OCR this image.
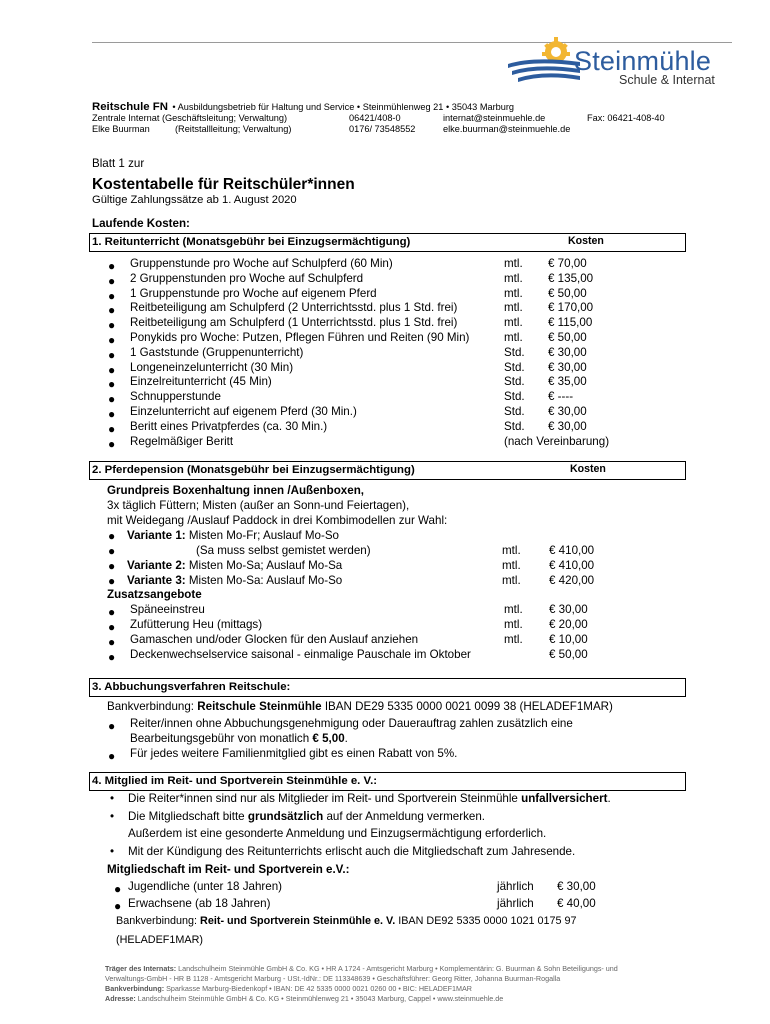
Steinmühle
Schule & Internat
Reitschule FN • Ausbildungsbetrieb für Haltung und Service • Steinmühlenweg 21 • 35043 Marburg
Zentrale Internat (Geschäftsleitung; Verwaltung)	06421/408-0	internat@steinmuehle.de	Fax: 06421-408-40
Elke Buurman	(Reitstallleitung; Verwaltung)	0176/ 73548552	elke.buurman@steinmuehle.de
Blatt 1 zur
Kostentabelle für Reitschüler*innen
Gültige Zahlungssätze ab 1. August 2020
Laufende Kosten:
1. Reitunterricht (Monatsgebühr bei Einzugsermächtigung)	Kosten
● Gruppenstunde pro Woche auf Schulpferd (60 Min)	mtl. € 70,00
● 2 Gruppenstunden pro Woche auf Schulpferd	mtl. € 135,00
● 1 Gruppenstunde pro Woche auf eigenem Pferd	mtl. € 50,00
● Reitbeteiligung am Schulpferd (2 Unterrichtsstd. plus 1 Std. frei)	mtl. € 170,00
● Reitbeteiligung am Schulpferd (1 Unterrichtsstd. plus 1 Std. frei)	mtl. € 115,00
● Ponykids pro Woche: Putzen, Pflegen Führen und Reiten (90 Min)	mtl. € 50,00
● 1 Gaststunde (Gruppenunterricht)	Std. € 30,00
● Longeneinzelunterricht (30 Min)	Std. € 30,00
● Einzelreitunterricht (45 Min)	Std. € 35,00
● Schnupperstunde	Std. € ----
● Einzelunterricht auf eigenem Pferd (30 Min.)	Std. € 30,00
● Beritt eines Privatpferdes (ca. 30 Min.)	Std. € 30,00
● Regelmäßiger Beritt	(nach Vereinbarung)
2. Pferdepension (Monatsgebühr bei Einzugsermächtigung)	Kosten
Grundpreis Boxenhaltung innen /Außenboxen,
3x täglich Füttern; Misten (außer an Sonn-und Feiertagen),
mit Weidegang /Auslauf Paddock in drei Kombimodellen zur Wahl:
● Variante 1: Misten Mo-Fr; Auslauf Mo-So
●	(Sa muss selbst gemistet werden)	mtl. € 410,00
● Variante 2: Misten Mo-Sa; Auslauf Mo-Sa	mtl. € 410,00
● Variante 3: Misten Mo-Sa: Auslauf Mo-So	mtl. € 420,00
Zusatzsangebote
● Späneeinstreu	mtl. € 30,00
● Zufütterung Heu (mittags)	mtl. € 20,00
● Gamaschen und/oder Glocken für den Auslauf anziehen	mtl. € 10,00
● Deckenwechselservice saisonal - einmalige Pauschale im Oktober	€ 50,00
3. Abbuchungsverfahren Reitschule:
Bankverbindung: Reitschule Steinmühle IBAN DE29 5335 0000 0021 0099 38 (HELADEF1MAR)
● Reiter/innen ohne Abbuchungsgenehmigung oder Dauerauftrag zahlen zusätzlich eine
Bearbeitungsgebühr von monatlich € 5,00.
● Für jedes weitere Familienmitglied gibt es einen Rabatt von 5%.
4. Mitglied im Reit- und Sportverein Steinmühle e. V.:
• Die Reiter*innen sind nur als Mitglieder im Reit- und Sportverein Steinmühle unfallversichert.
• Die Mitgliedschaft bitte grundsätzlich auf der Anmeldung vermerken.
Außerdem ist eine gesonderte Anmeldung und Einzugsermächtigung erforderlich.
• Mit der Kündigung des Reitunterrichts erlischt auch die Mitgliedschaft zum Jahresende.
Mitgliedschaft im Reit- und Sportverein e.V.:
● Jugendliche (unter 18 Jahren)	jährlich € 30,00
● Erwachsene (ab 18 Jahren)	jährlich € 40,00
Bankverbindung: Reit- und Sportverein Steinmühle e. V. IBAN DE92 5335 0000 1021 0175 97
(HELADEF1MAR)
Träger des Internats: Landschulheim Steinmühle GmbH & Co. KG • HR A 1724 - Amtsgericht Marburg • Komplementärin: G. Buurman & Sohn Beteiligungs- und
Verwaltungs-GmbH - HR B 1128 - Amtsgericht Marburg - USt.-IdNr.: DE 113348639 • Geschäftsführer: Georg Ritter, Johanna Buurman-Rogalla
Bankverbindung: Sparkasse Marburg-Biedenkopf • IBAN: DE 42 5335 0000 0021 0260 00 • BIC: HELADEF1MAR
Adresse: Landschulheim Steinmühle GmbH & Co. KG • Steinmühlenweg 21 • 35043 Marburg, Cappel • www.steinmuehle.de
